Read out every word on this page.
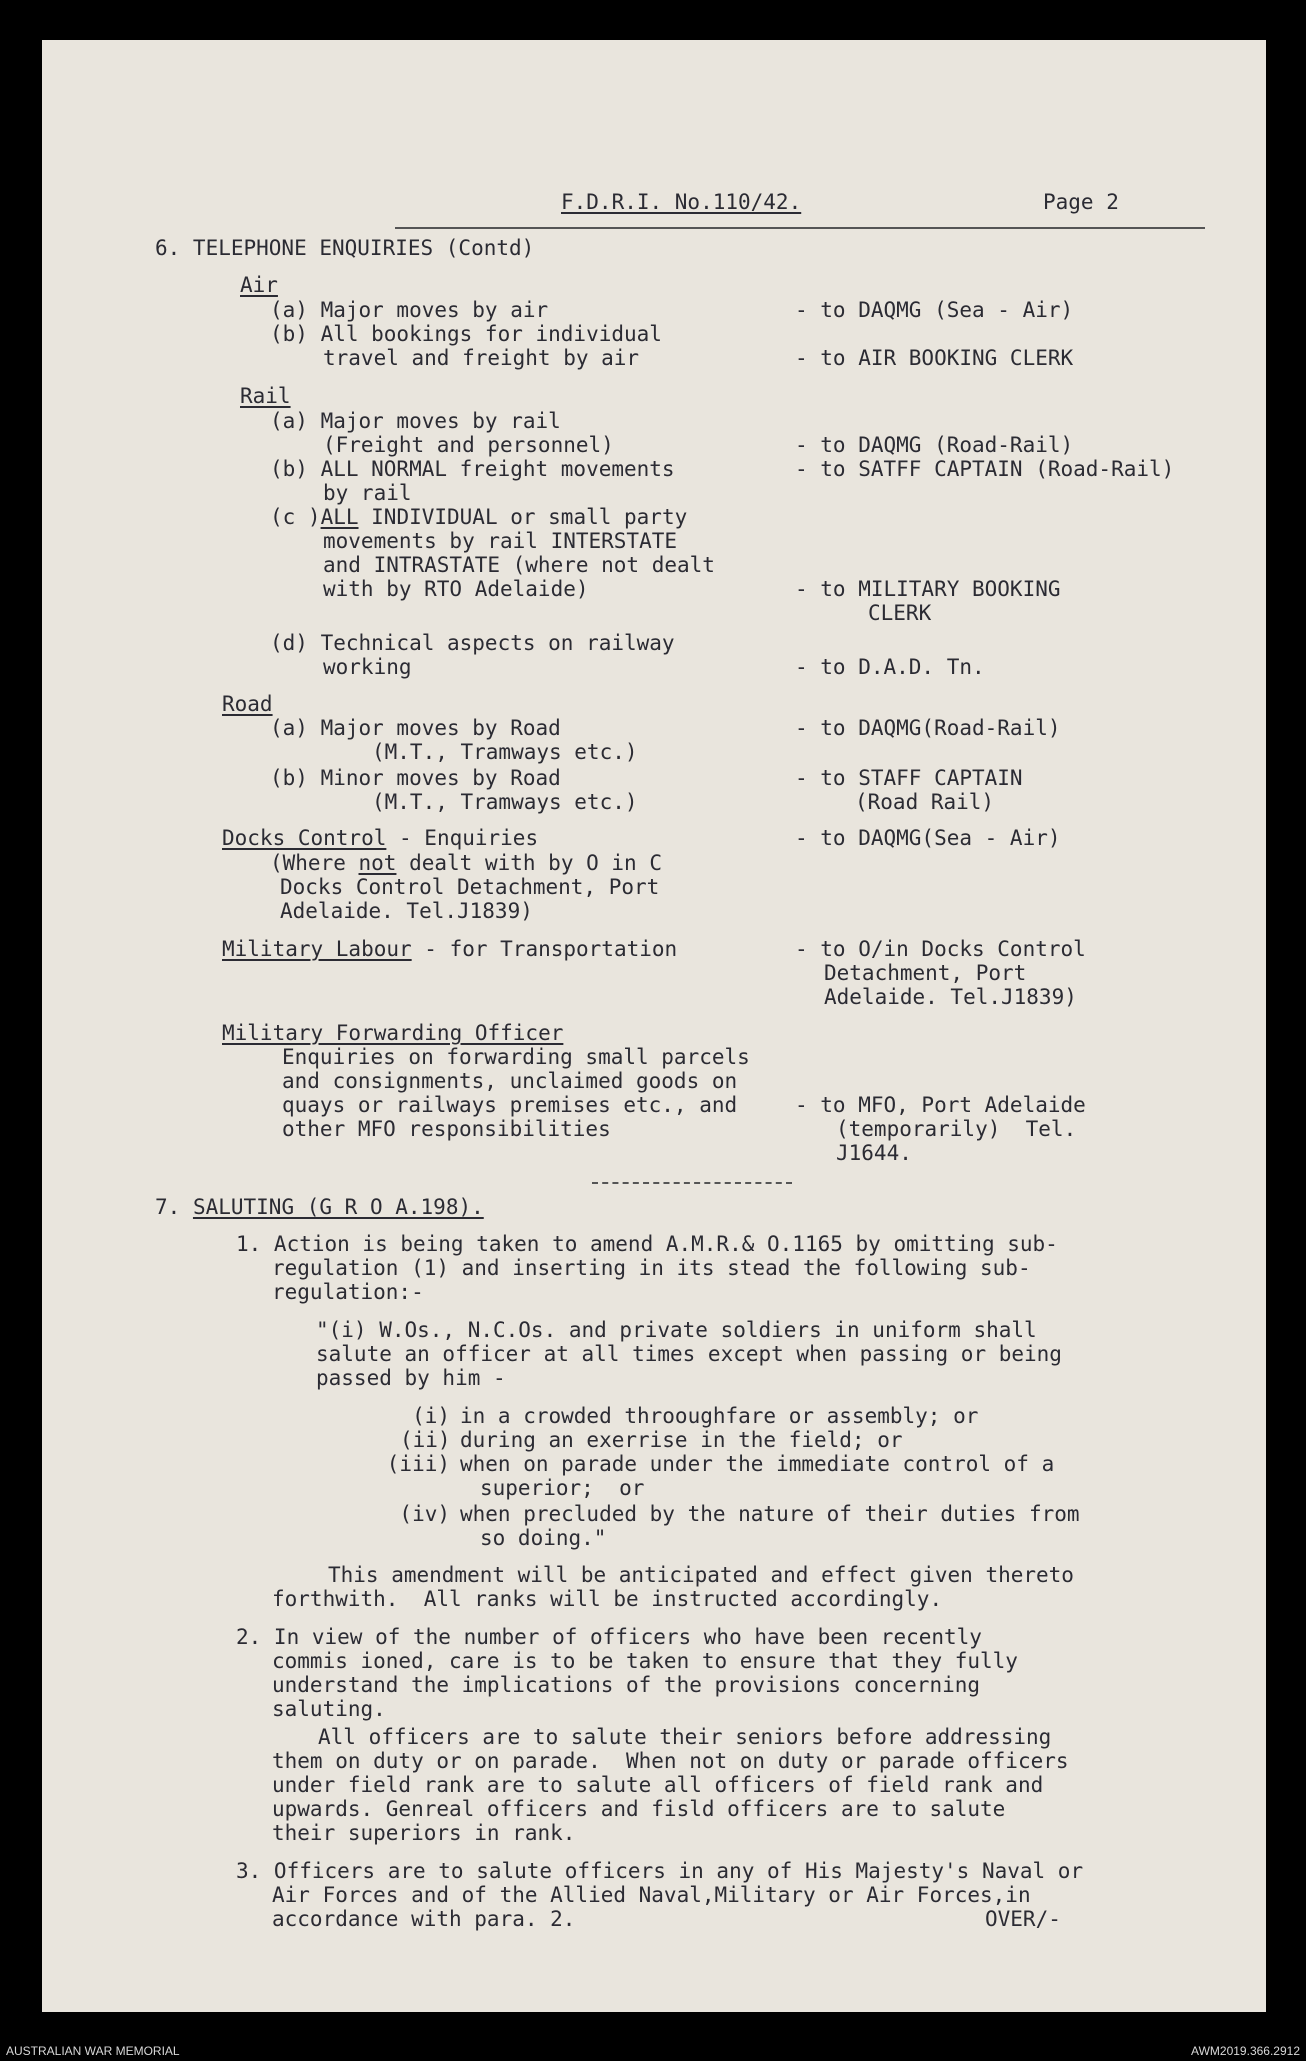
F.D.R.I. No.110/42.	Page 2
6. TELEPHONE ENQUIRIES (Contd)
Air
(a) Major moves by air	- to DAQMG (Sea - Air)
(b) All bookings for individual
travel and freight by air	- to AIR BOOKING CLERK
Rail
(a) Major moves by rail
(Freight and personnel)	- to DAQMG (Road-Rail)
(b) ALL NORMAL freight movements	- to SATFF CAPTAIN (Road-Rail)
by rail
(c )ALL INDIVIDUAL or small party
movements by rail INTERSTATE
and INTRASTATE (where not dealt
with by RTO Adelaide)	- to MILITARY BOOKING
CLERK
(d) Technical aspects on railway
working	- to D.A.D. Tn.
Road
(a) Major moves by Road	- to DAQMG(Road-Rail)
(M.T., Tramways etc.)
(b) Minor moves by Road	- to STAFF CAPTAIN
(M.T., Tramways etc.)	(Road Rail)
Docks Control - Enquiries	- to DAQMG(Sea - Air)
(Where not dealt with by O in C
Docks Control Detachment, Port
Adelaide. Tel.J1839)
Military Labour - for Transportation	- to O/in Docks Control
Detachment, Port
Adelaide. Tel.J1839)
Military Forwarding Officer
Enquiries on forwarding small parcels
and consignments, unclaimed goods on
quays or railways premises etc., and	- to MFO, Port Adelaide
other MFO responsibilities	(temporarily)  Tel.
J1644.
7. SALUTING (G R O A.198).
1. Action is being taken to amend A.M.R.& O.1165 by omitting sub-
regulation (1) and inserting in its stead the following sub-
regulation:-
"(i) W.Os., N.C.Os. and private soldiers in uniform shall
salute an officer at all times except when passing or being
passed by him -
(i) in a crowded throoughfare or assembly; or
(ii) during an exerrise in the field; or
(iii) when on parade under the immediate control of a
superior;  or
(iv) when precluded by the nature of their duties from
so doing."
This amendment will be anticipated and effect given thereto
forthwith.  All ranks will be instructed accordingly.
2. In view of the number of officers who have been recently
commis ioned, care is to be taken to ensure that they fully
understand the implications of the provisions concerning
saluting.
All officers are to salute their seniors before addressing
them on duty or on parade.  When not on duty or parade officers
under field rank are to salute all officers of field rank and
upwards. Genreal officers and fisld officers are to salute
their superiors in rank.
3. Officers are to salute officers in any of His Majesty's Naval or
Air Forces and of the Allied Naval,Military or Air Forces,in
accordance with para. 2.	OVER/-
AUSTRALIAN WAR MEMORIAL	AWM2019.366.2912
